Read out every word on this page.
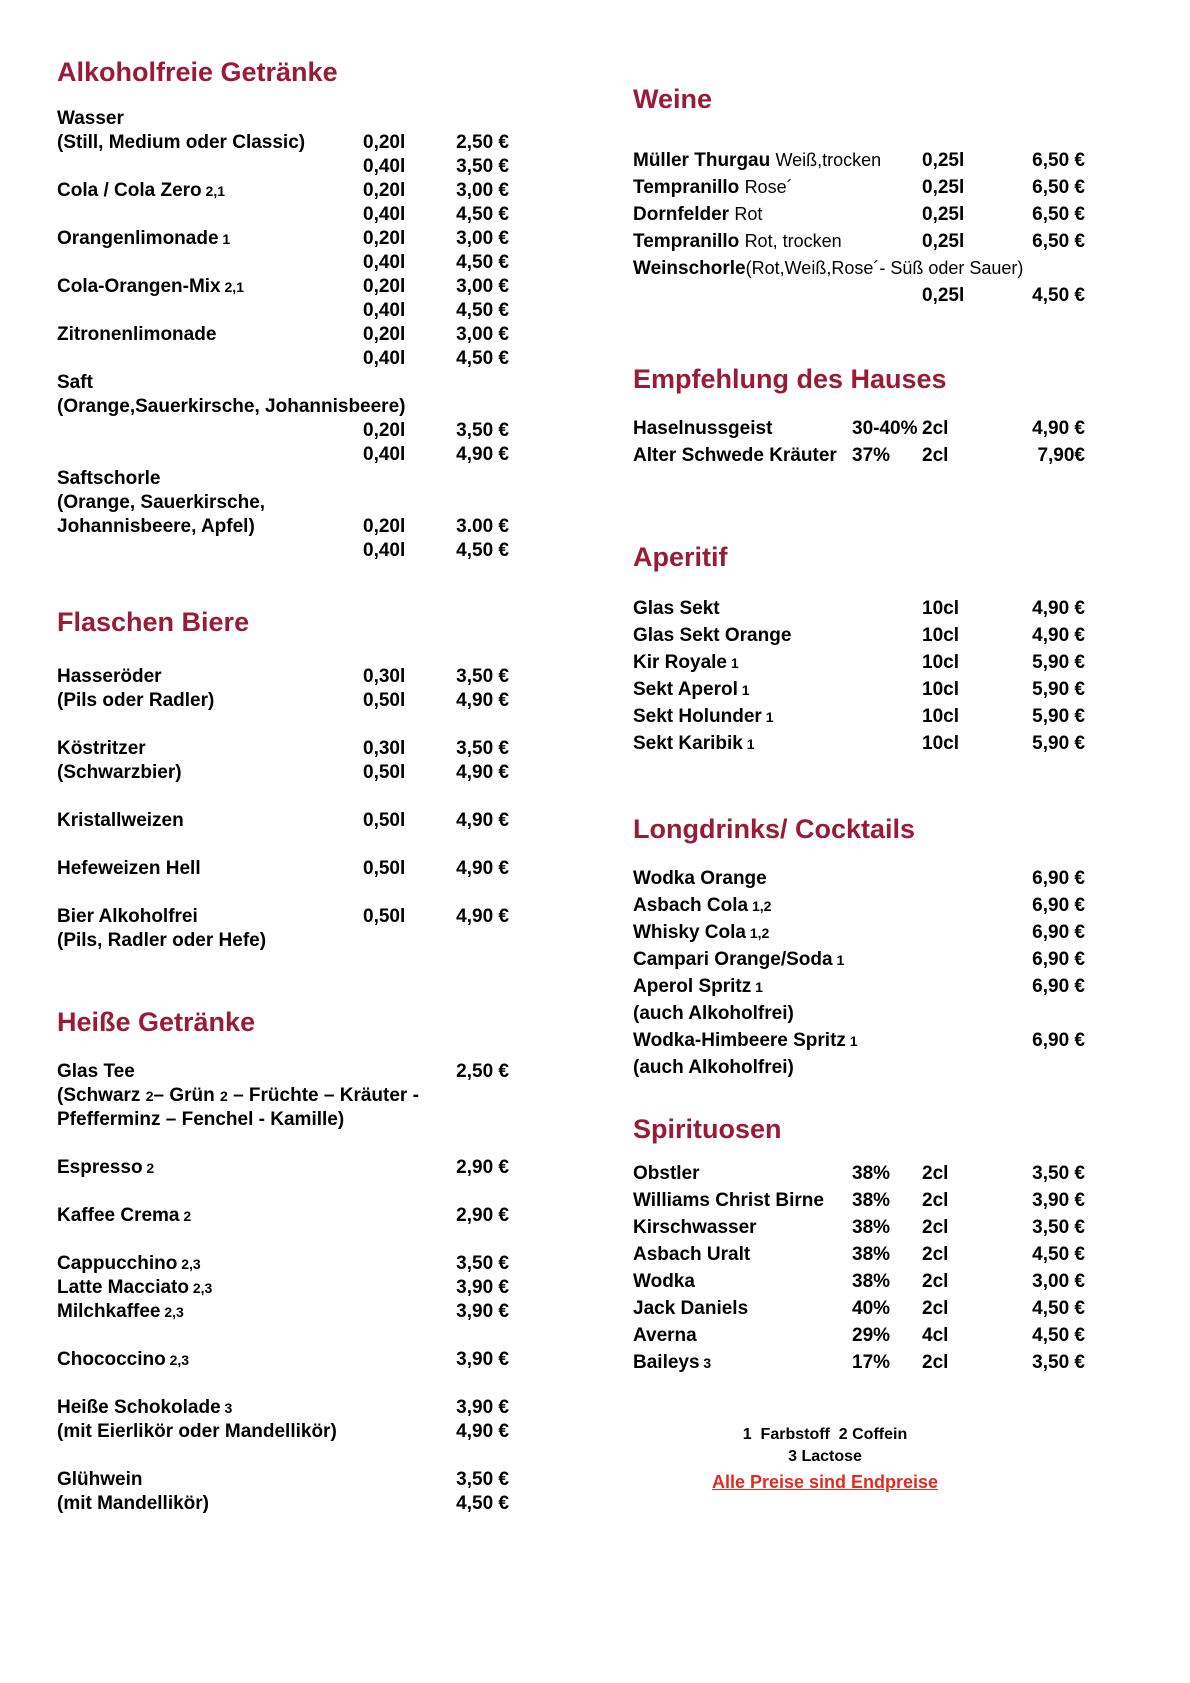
Alkoholfreie Getränke
Wasser
(Still, Medium oder Classic)	0,20l	2,50 €
0,40l	3,50 €
Cola / Cola Zero 2,1	0,20l	3,00 €
0,40l	4,50 €
Orangenlimonade 1	0,20l	3,00 €
0,40l	4,50 €
Cola-Orangen-Mix 2,1	0,20l	3,00 €
0,40l	4,50 €
Zitronenlimonade	0,20l	3,00 €
0,40l	4,50 €
Saft
(Orange,Sauerkirsche, Johannisbeere)
0,20l	3,50 €
0,40l	4,90 €
Saftschorle
(Orange, Sauerkirsche,
Johannisbeere, Apfel)	0,20l	3.00 €
0,40l	4,50 €
Flaschen Biere
Hasseröder	0,30l	3,50 €
(Pils oder Radler)	0,50l	4,90 €
Köstritzer	0,30l	3,50 €
(Schwarzbier)	0,50l	4,90 €
Kristallweizen	0,50l	4,90 €
Hefeweizen Hell	0,50l	4,90 €
Bier Alkoholfrei	0,50l	4,90 €
(Pils, Radler oder Hefe)
Heiße Getränke
Glas Tee	2,50 €
(Schwarz 2– Grün 2 – Früchte – Kräuter -
Pfefferminz – Fenchel - Kamille)
Espresso 2	2,90 €
Kaffee Crema 2	2,90 €
Cappucchino 2,3	3,50 €
Latte Macciato 2,3	3,90 €
Milchkaffee 2,3	3,90 €
Chococcino 2,3	3,90 €
Heiße Schokolade 3	3,90 €
(mit Eierlikör oder Mandellikör)	4,90 €
Glühwein	3,50 €
(mit Mandellikör)	4,50 €
Weine
Müller Thurgau Weiß,trocken	0,25l	6,50 €
Tempranillo Rose´	0,25l	6,50 €
Dornfelder Rot	0,25l	6,50 €
Tempranillo Rot, trocken	0,25l	6,50 €
Weinschorle(Rot,Weiß,Rose´- Süß oder Sauer)
0,25l	4,50 €
Empfehlung des Hauses
Haselnussgeist	30-40% 2cl	4,90 €
Alter Schwede Kräuter 37%	2cl	7,90€
Aperitif
Glas Sekt	10cl	4,90 €
Glas Sekt Orange	10cl	4,90 €
Kir Royale 1	10cl	5,90 €
Sekt Aperol 1	10cl	5,90 €
Sekt Holunder 1	10cl	5,90 €
Sekt Karibik 1	10cl	5,90 €
Longdrinks/ Cocktails
Wodka Orange	6,90 €
Asbach Cola 1,2	6,90 €
Whisky Cola 1,2	6,90 €
Campari Orange/Soda 1	6,90 €
Aperol Spritz 1	6,90 €
(auch Alkoholfrei)
Wodka-Himbeere Spritz 1	6,90 €
(auch Alkoholfrei)
Spirituosen
Obstler	38%	2cl	3,50 €
Williams Christ Birne	38%	2cl	3,90 €
Kirschwasser	38%	2cl	3,50 €
Asbach Uralt	38%	2cl	4,50 €
Wodka	38%	2cl	3,00 €
Jack Daniels	40%	2cl	4,50 €
Averna	29%	4cl	4,50 €
Baileys 3	17%	2cl	3,50 €
1  Farbstoff  2 Coffein
3 Lactose
Alle Preise sind Endpreise
